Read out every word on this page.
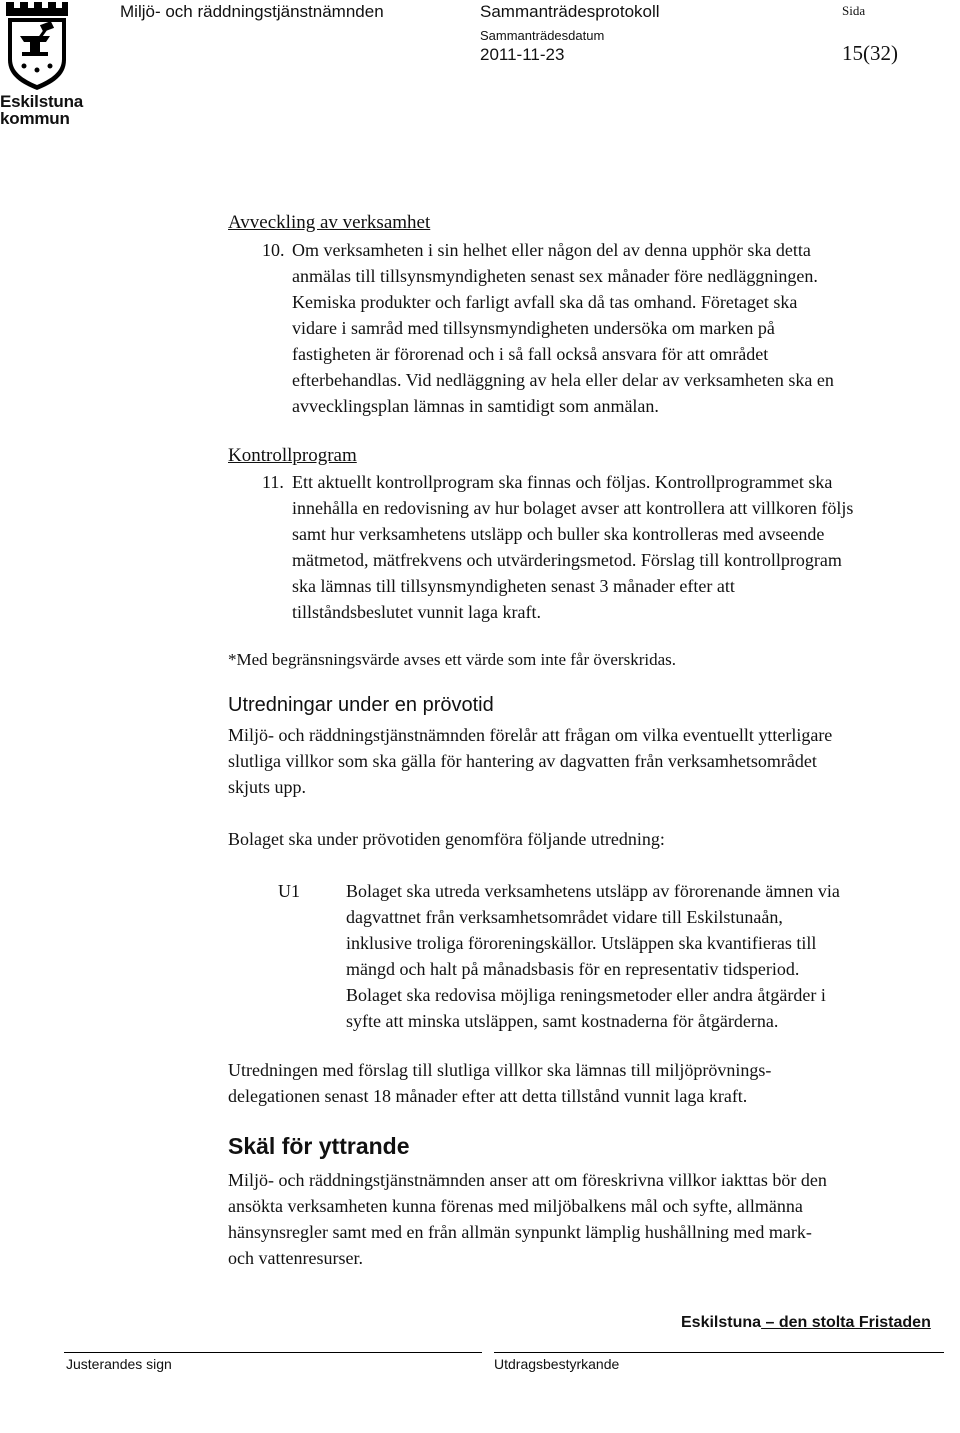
Eskilstuna
kommun
Miljö- och räddningstjänstnämnden	Sammanträdesprotokoll	Sida
Sammanträdesdatum
2011-11-23	15(32)
Avveckling av verksamhet
10. Om verksamheten i sin helhet eller någon del av denna upphör ska detta

anmälas till tillsynsmyndigheten senast sex månader före nedläggningen.

Kemiska produkter och farligt avfall ska då tas omhand. Företaget ska

vidare i samråd med tillsynsmyndigheten undersöka om marken på

fastigheten är förorenad och i så fall också ansvara för att området

efterbehandlas. Vid nedläggning av hela eller delar av verksamheten ska en

avvecklingsplan lämnas in samtidigt som anmälan.

Kontrollprogram
11. Ett aktuellt kontrollprogram ska finnas och följas. Kontrollprogrammet ska

innehålla en redovisning av hur bolaget avser att kontrollera att villkoren följs

samt hur verksamhetens utsläpp och buller ska kontrolleras med avseende

mätmetod, mätfrekvens och utvärderingsmetod. Förslag till kontrollprogram

ska lämnas till tillsynsmyndigheten senast 3 månader efter att

tillståndsbeslutet vunnit laga kraft.

*Med begränsningsvärde avses ett värde som inte får överskridas.
Utredningar under en prövotid

Miljö- och räddningstjänstnämnden förelår att frågan om vilka eventuellt ytterligare

slutliga villkor som ska gälla för hantering av dagvatten från verksamhetsområdet

skjuts upp.

Bolaget ska under prövotiden genomföra följande utredning:
U1	Bolaget ska utreda verksamhetens utsläpp av förorenande ämnen via

dagvattnet från verksamhetsområdet vidare till Eskilstunaån,

inklusive troliga föroreningskällor. Utsläppen ska kvantifieras till

mängd och halt på månadsbasis för en representativ tidsperiod.

Bolaget ska redovisa möjliga reningsmetoder eller andra åtgärder i

syfte att minska utsläppen, samt kostnaderna för åtgärderna.

Utredningen med förslag till slutliga villkor ska lämnas till miljöprövnings-

delegationen senast 18 månader efter att detta tillstånd vunnit laga kraft.

Skäl för yttrande

Miljö- och räddningstjänstnämnden anser att om föreskrivna villkor iakttas bör den

ansökta verksamheten kunna förenas med miljöbalkens mål och syfte, allmänna

hänsynsregler samt med en från allmän synpunkt lämplig hushållning med mark-

och vattenresurser.

Eskilstuna – den stolta Fristaden
Justerandes sign	Utdragsbestyrkande
